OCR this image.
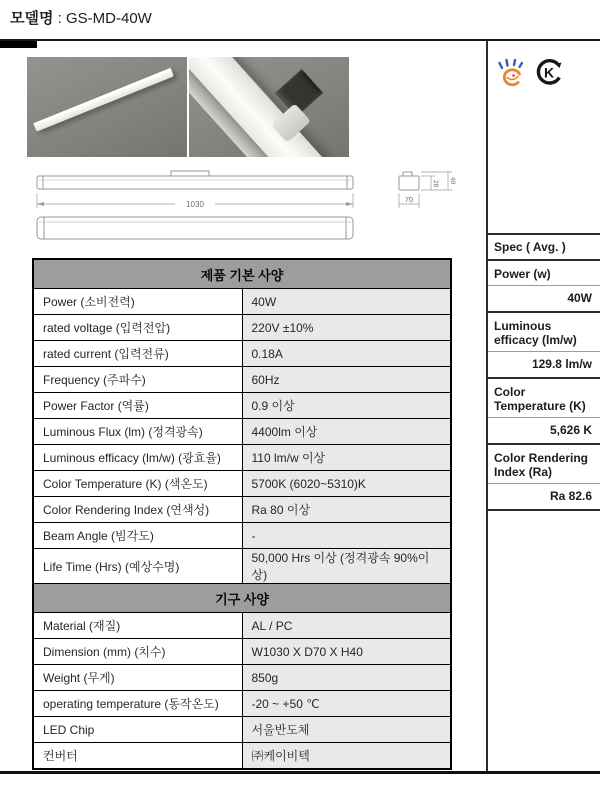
모델명 : GS-MD-40W
1030
70
28 40
제품 기본 사양	
Power (소비전력)	40W
rated voltage (입력전압)	220V ±10%
rated current (입력전류)	0.18A
Frequency (주파수)	60Hz
Power Factor (역률)	0.9 이상
Luminous Flux (lm) (정격광속)	4400lm 이상
Luminous efficacy (lm/w) (광효율)	110 lm/w 이상
Color Temperature (K) (색온도)	5700K (6020~5310)K
Color Rendering Index (연색성)	Ra 80 이상
Beam Angle (빔각도)	-
Life Time (Hrs) (예상수명)	50,000 Hrs 이상 (정격광속 90%이상)
기구 사양	
Material (재질)	AL / PC
Dimension (mm) (치수)	W1030 X D70 X H40
Weight (무게)	850g
operating temperature (동작온도)	-20 ~ +50 ℃
LED Chip	서울반도체
컨버터	㈜케이비텍
K
Spec ( Avg. )
Power (w)
40W
Luminous efficacy (lm/w)
129.8 lm/w
Color Temperature (K)
5,626 K
Color Rendering Index (Ra)
Ra 82.6
